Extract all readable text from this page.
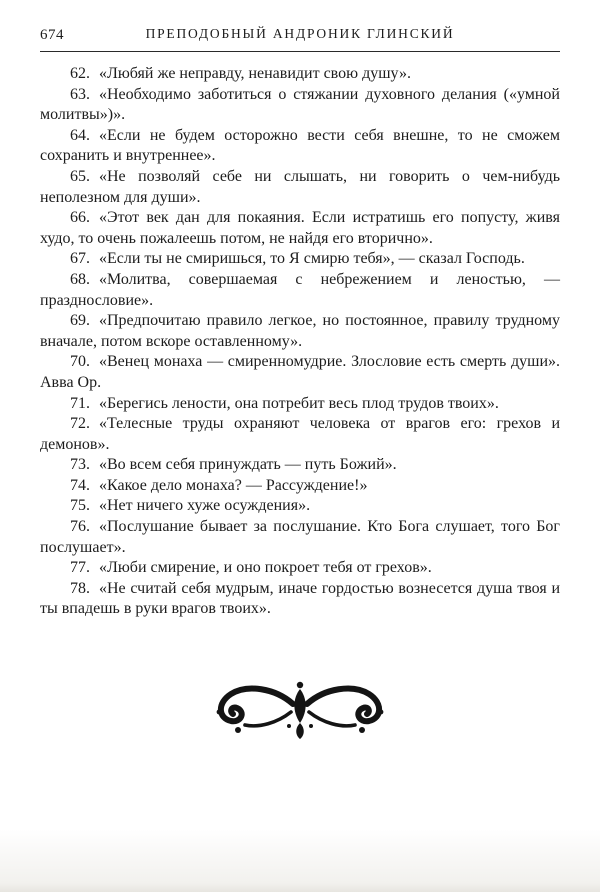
674	ПРЕПОДОБНЫЙ АНДРОНИК ГЛИНСКИЙ

62. «Любяй же неправду, ненавидит свою душу».

63. «Необходимо заботиться о стяжании духовного делания («умной молитвы»)».

64. «Если не будем осторожно вести себя внешне, то не сможем сохранить и внутреннее».

65. «Не позволяй себе ни слышать, ни говорить о чем-нибудь неполезном для души».

66. «Этот век дан для покаяния. Если истратишь его попусту, живя худо, то очень пожалеешь потом, не найдя его вторично».

67. «Если ты не смиришься, то Я смирю тебя», — сказал Господь.

68. «Молитва, совершаемая с небрежением и леностью, — празднословие».

69. «Предпочитаю правило легкое, но постоянное, правилу трудному вначале, потом вскоре оставленному».

70. «Венец монаха — смиренномудрие. Злословие есть смерть души». Авва Ор.

71. «Берегись лености, она потребит весь плод трудов твоих».

72. «Телесные труды охраняют человека от врагов его: грехов и демонов».

73. «Во всем себя принуждать — путь Божий».

74. «Какое дело монаха? — Рассуждение!»

75. «Нет ничего хуже осуждения».

76. «Послушание бывает за послушание. Кто Бога слушает, того Бог послушает».

77. «Люби смирение, и оно покроет тебя от грехов».

78. «Не считай себя мудрым, иначе гордостью вознесется душа твоя и ты впадешь в руки врагов твоих».
